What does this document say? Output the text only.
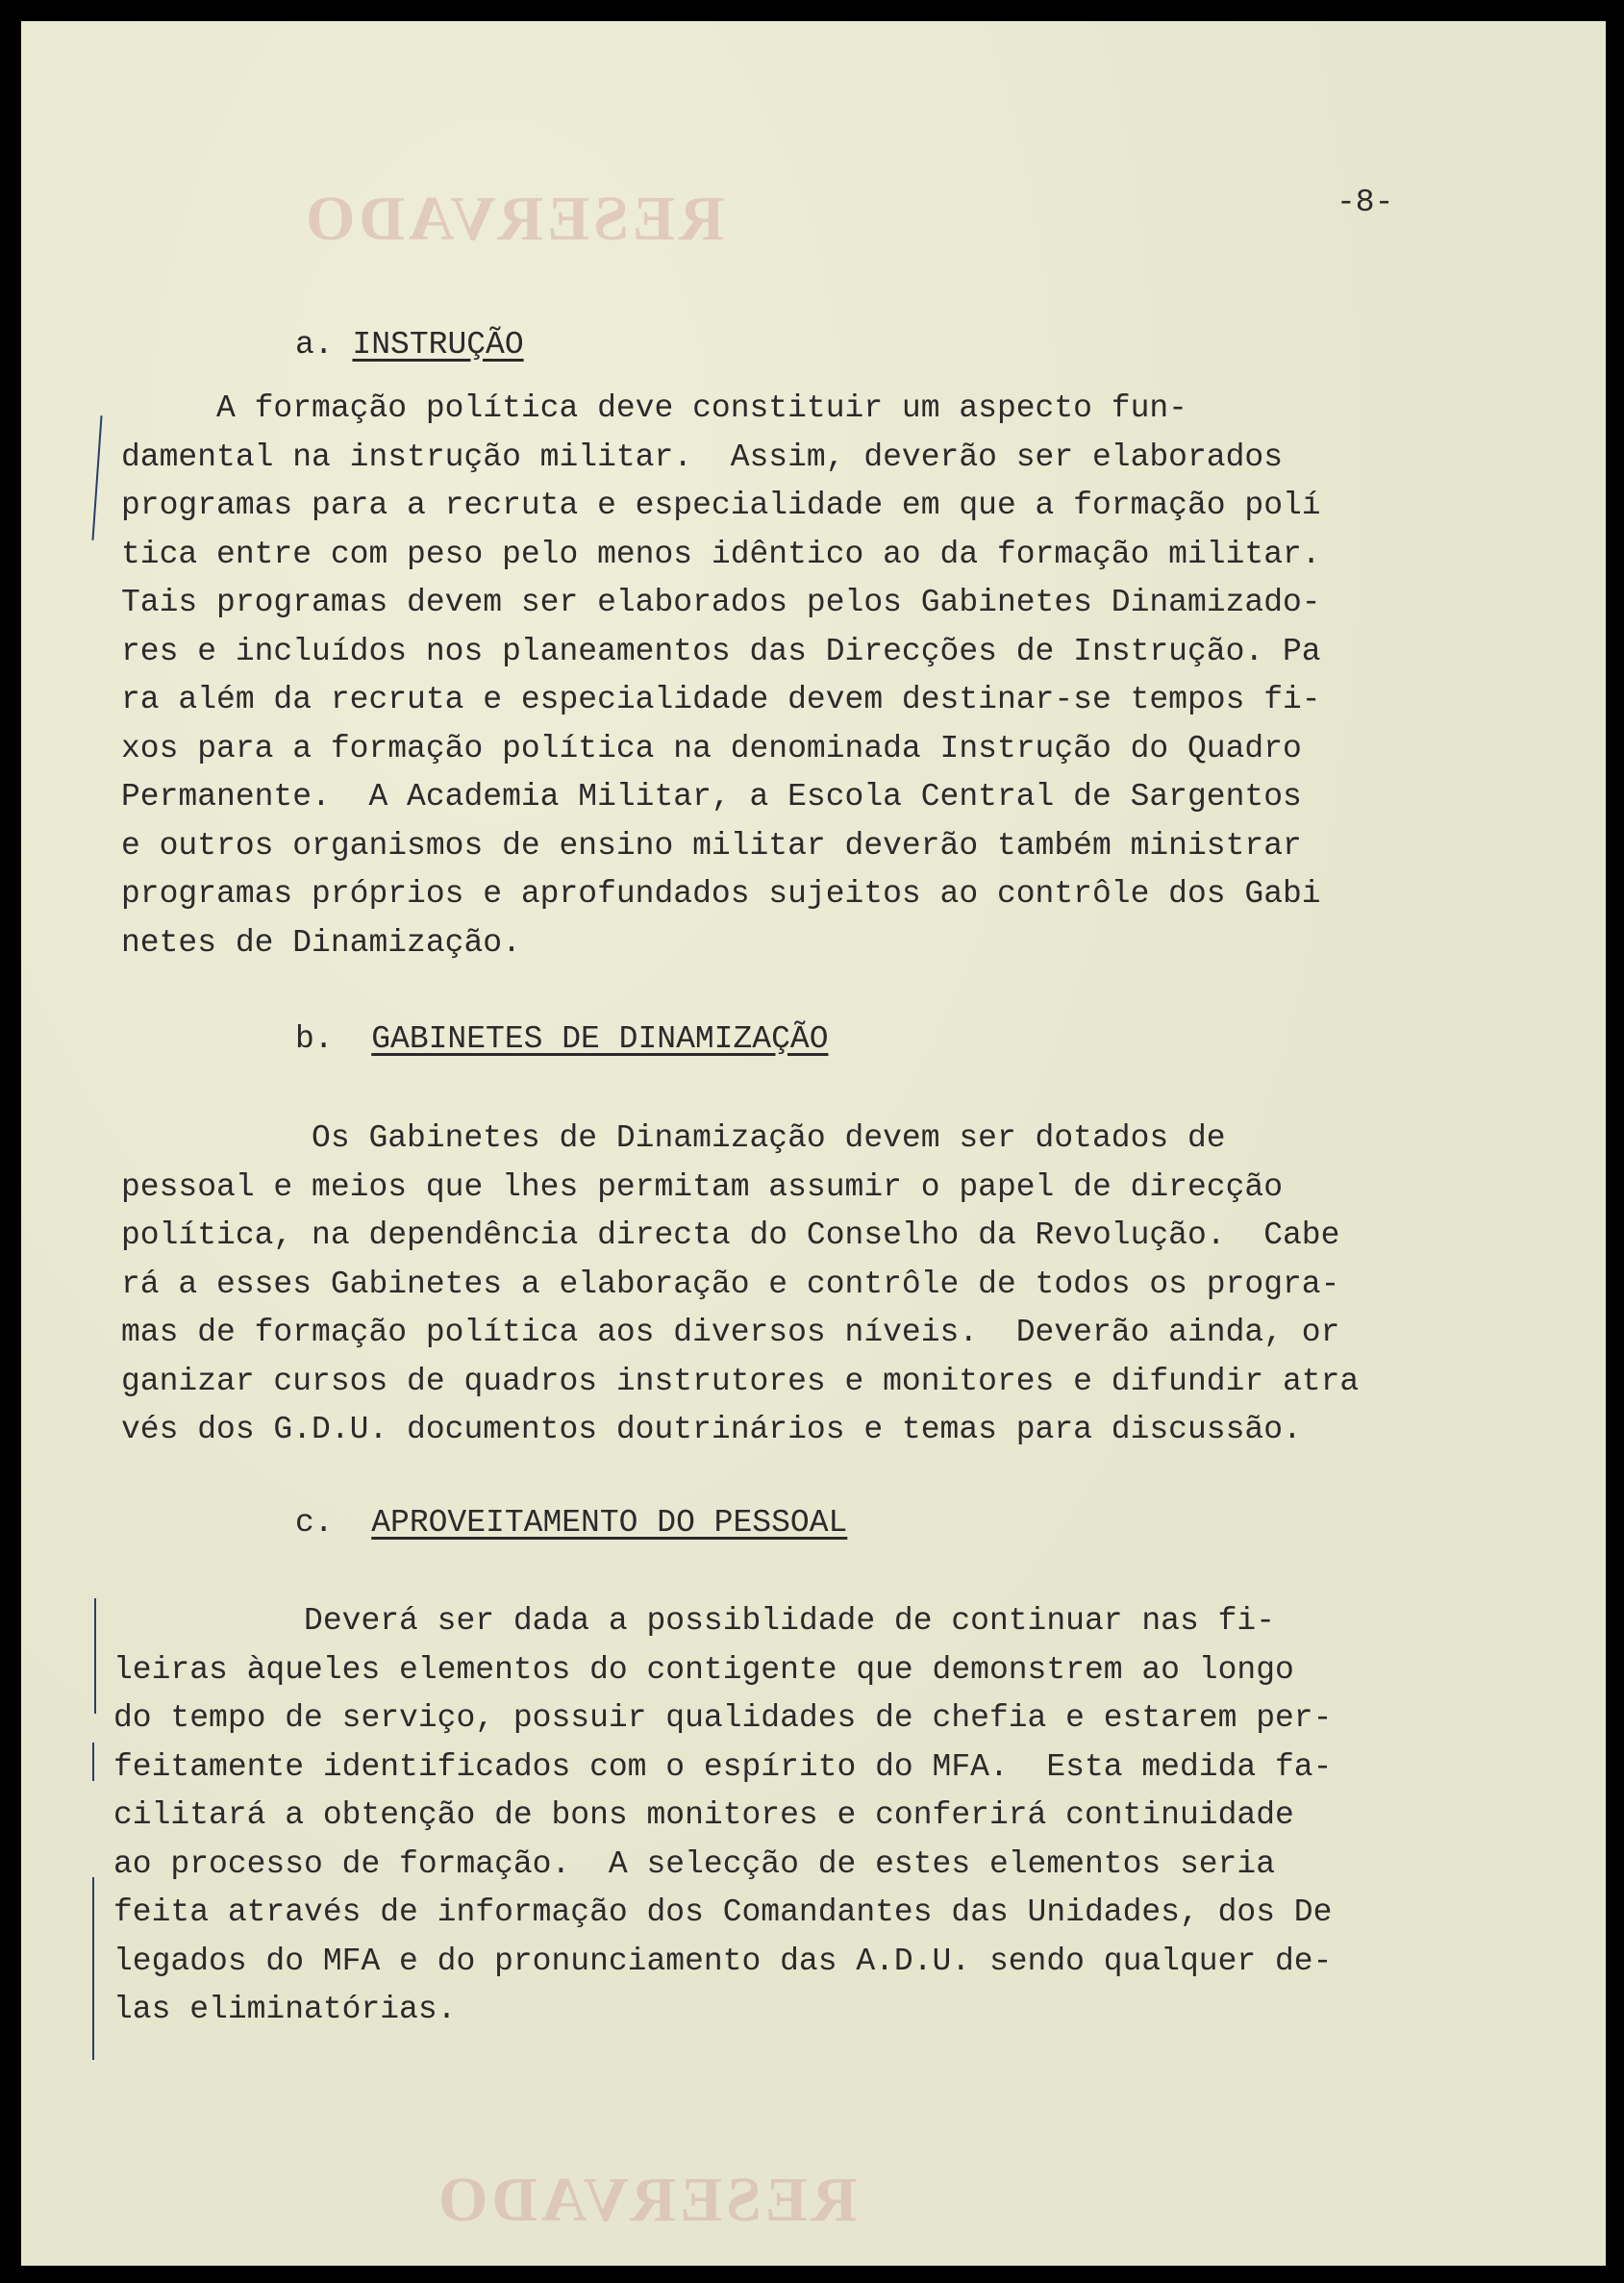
RESERVADO
RESERVADO
-8-
a. INSTRUÇÃO
A formação política deve constituir um aspecto fun-
damental na instrução militar.  Assim, deverão ser elaborados
programas para a recruta e especialidade em que a formação polí
tica entre com peso pelo menos idêntico ao da formação militar.
Tais programas devem ser elaborados pelos Gabinetes Dinamizado-
res e incluídos nos planeamentos das Direcções de Instrução. Pa
ra além da recruta e especialidade devem destinar-se tempos fi-
xos para a formação política na denominada Instrução do Quadro
Permanente.  A Academia Militar, a Escola Central de Sargentos
e outros organismos de ensino militar deverão também ministrar
programas próprios e aprofundados sujeitos ao contrôle dos Gabi
netes de Dinamização.
b. GABINETES DE DINAMIZAÇÃO
Os Gabinetes de Dinamização devem ser dotados de
pessoal e meios que lhes permitam assumir o papel de direcção
política, na dependência directa do Conselho da Revolução.  Cabe
rá a esses Gabinetes a elaboração e contrôle de todos os progra-
mas de formação política aos diversos níveis.  Deverão ainda, or
ganizar cursos de quadros instrutores e monitores e difundir atra
vés dos G.D.U. documentos doutrinários e temas para discussão.
c. APROVEITAMENTO DO PESSOAL
Deverá ser dada a possiblidade de continuar nas fi-
leiras àqueles elementos do contigente que demonstrem ao longo
do tempo de serviço, possuir qualidades de chefia e estarem per-
feitamente identificados com o espírito do MFA.  Esta medida fa-
cilitará a obtenção de bons monitores e conferirá continuidade
ao processo de formação.  A selecção de estes elementos seria
feita através de informação dos Comandantes das Unidades, dos De
legados do MFA e do pronunciamento das A.D.U. sendo qualquer de-
las eliminatórias.
